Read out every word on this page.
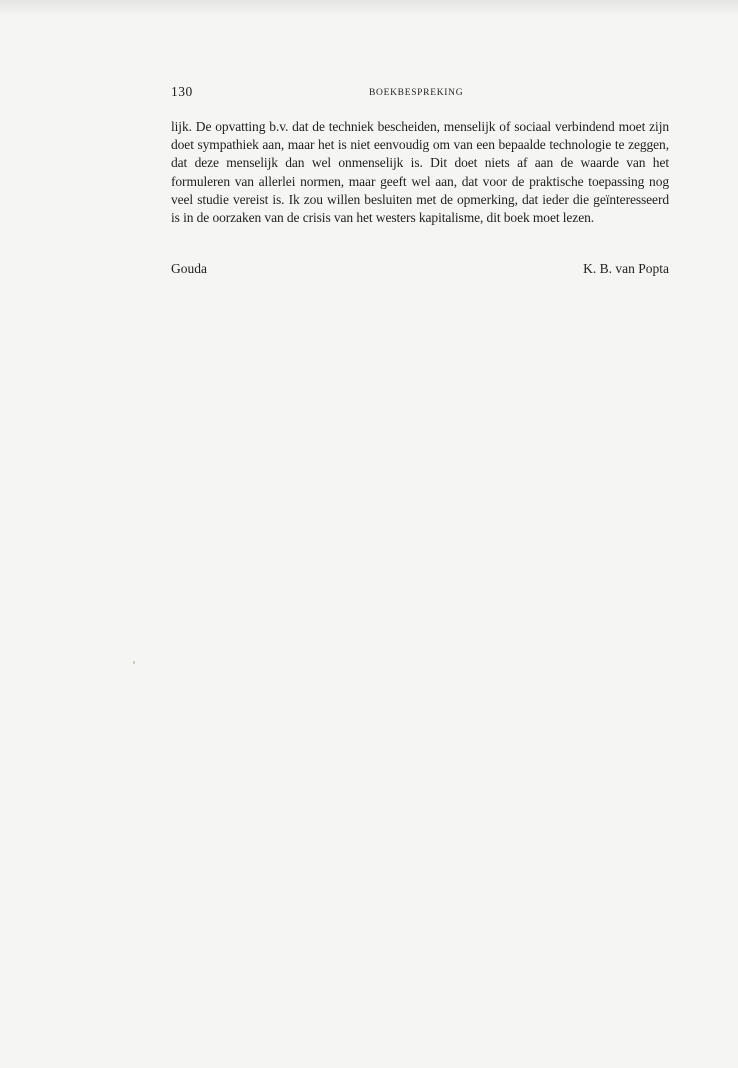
130	BOEKBESPREKING

lijk. De opvatting b.v. dat de techniek bescheiden, menselijk of sociaal verbindend moet zijn doet sympathiek aan, maar het is niet eenvoudig om van een bepaalde technologie te zeggen, dat deze menselijk dan wel onmenselijk is. Dit doet niets af aan de waarde van het formuleren van allerlei normen, maar geeft wel aan, dat voor de praktische toepassing nog veel studie vereist is. Ik zou willen besluiten met de opmerking, dat ieder die geïnteresseerd is in de oorzaken van de crisis van het westers kapitalisme, dit boek moet lezen.

Gouda	K. B. van Popta
